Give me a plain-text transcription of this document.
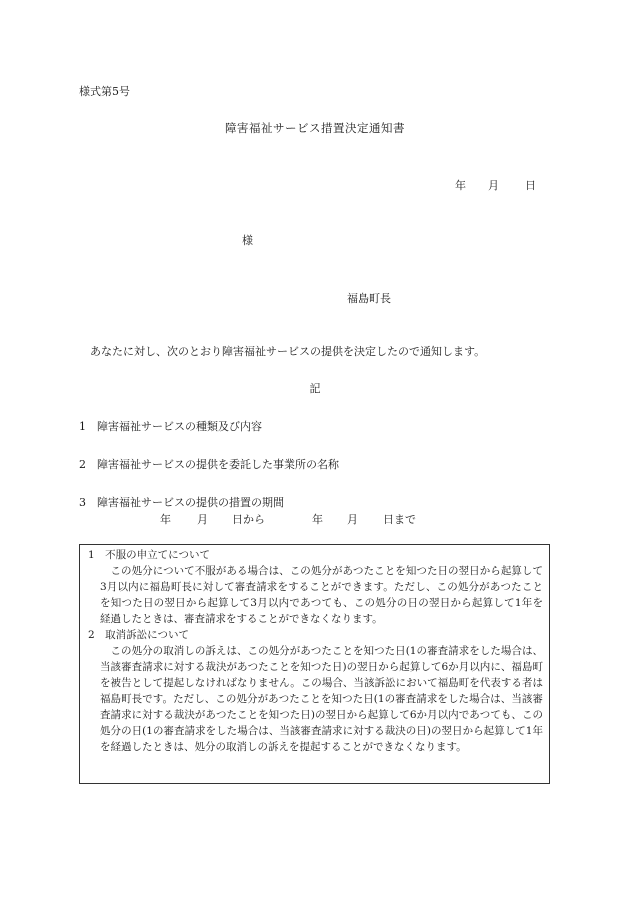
様式第5号
障害福祉サービス措置決定通知書
年 月 日
様
福島町長
あなたに対し、次のとおり障害福祉サービスの提供を決定したので通知します。
記
1　障害福祉サービスの種類及び内容
2　障害福祉サービスの提供を委託した事業所の名称
3　障害福祉サービスの提供の措置の期間
年 月 日から	年 月 日まで
1　不服の申立てについて
この処分について不服がある場合は、この処分があつたことを知つた日の翌日から起算して3月以内に福島町長に対して審査請求をすることができます。ただし、この処分があつたことを知つた日の翌日から起算して3月以内であつても、この処分の日の翌日から起算して1年を経過したときは、審査請求をすることができなくなります。
2　取消訴訟について
この処分の取消しの訴えは、この処分があつたことを知つた日(1の審査請求をした場合は、当該審査請求に対する裁決があつたことを知つた日)の翌日から起算して6か月以内に、福島町を被告として提起しなければなりません。この場合、当該訴訟において福島町を代表する者は福島町長です。ただし、この処分があつたことを知つた日(1の審査請求をした場合は、当該審査請求に対する裁決があつたことを知つた日)の翌日から起算して6か月以内であつても、この処分の日(1の審査請求をした場合は、当該審査請求に対する裁決の日)の翌日から起算して1年を経過したときは、処分の取消しの訴えを提起することができなくなります。
